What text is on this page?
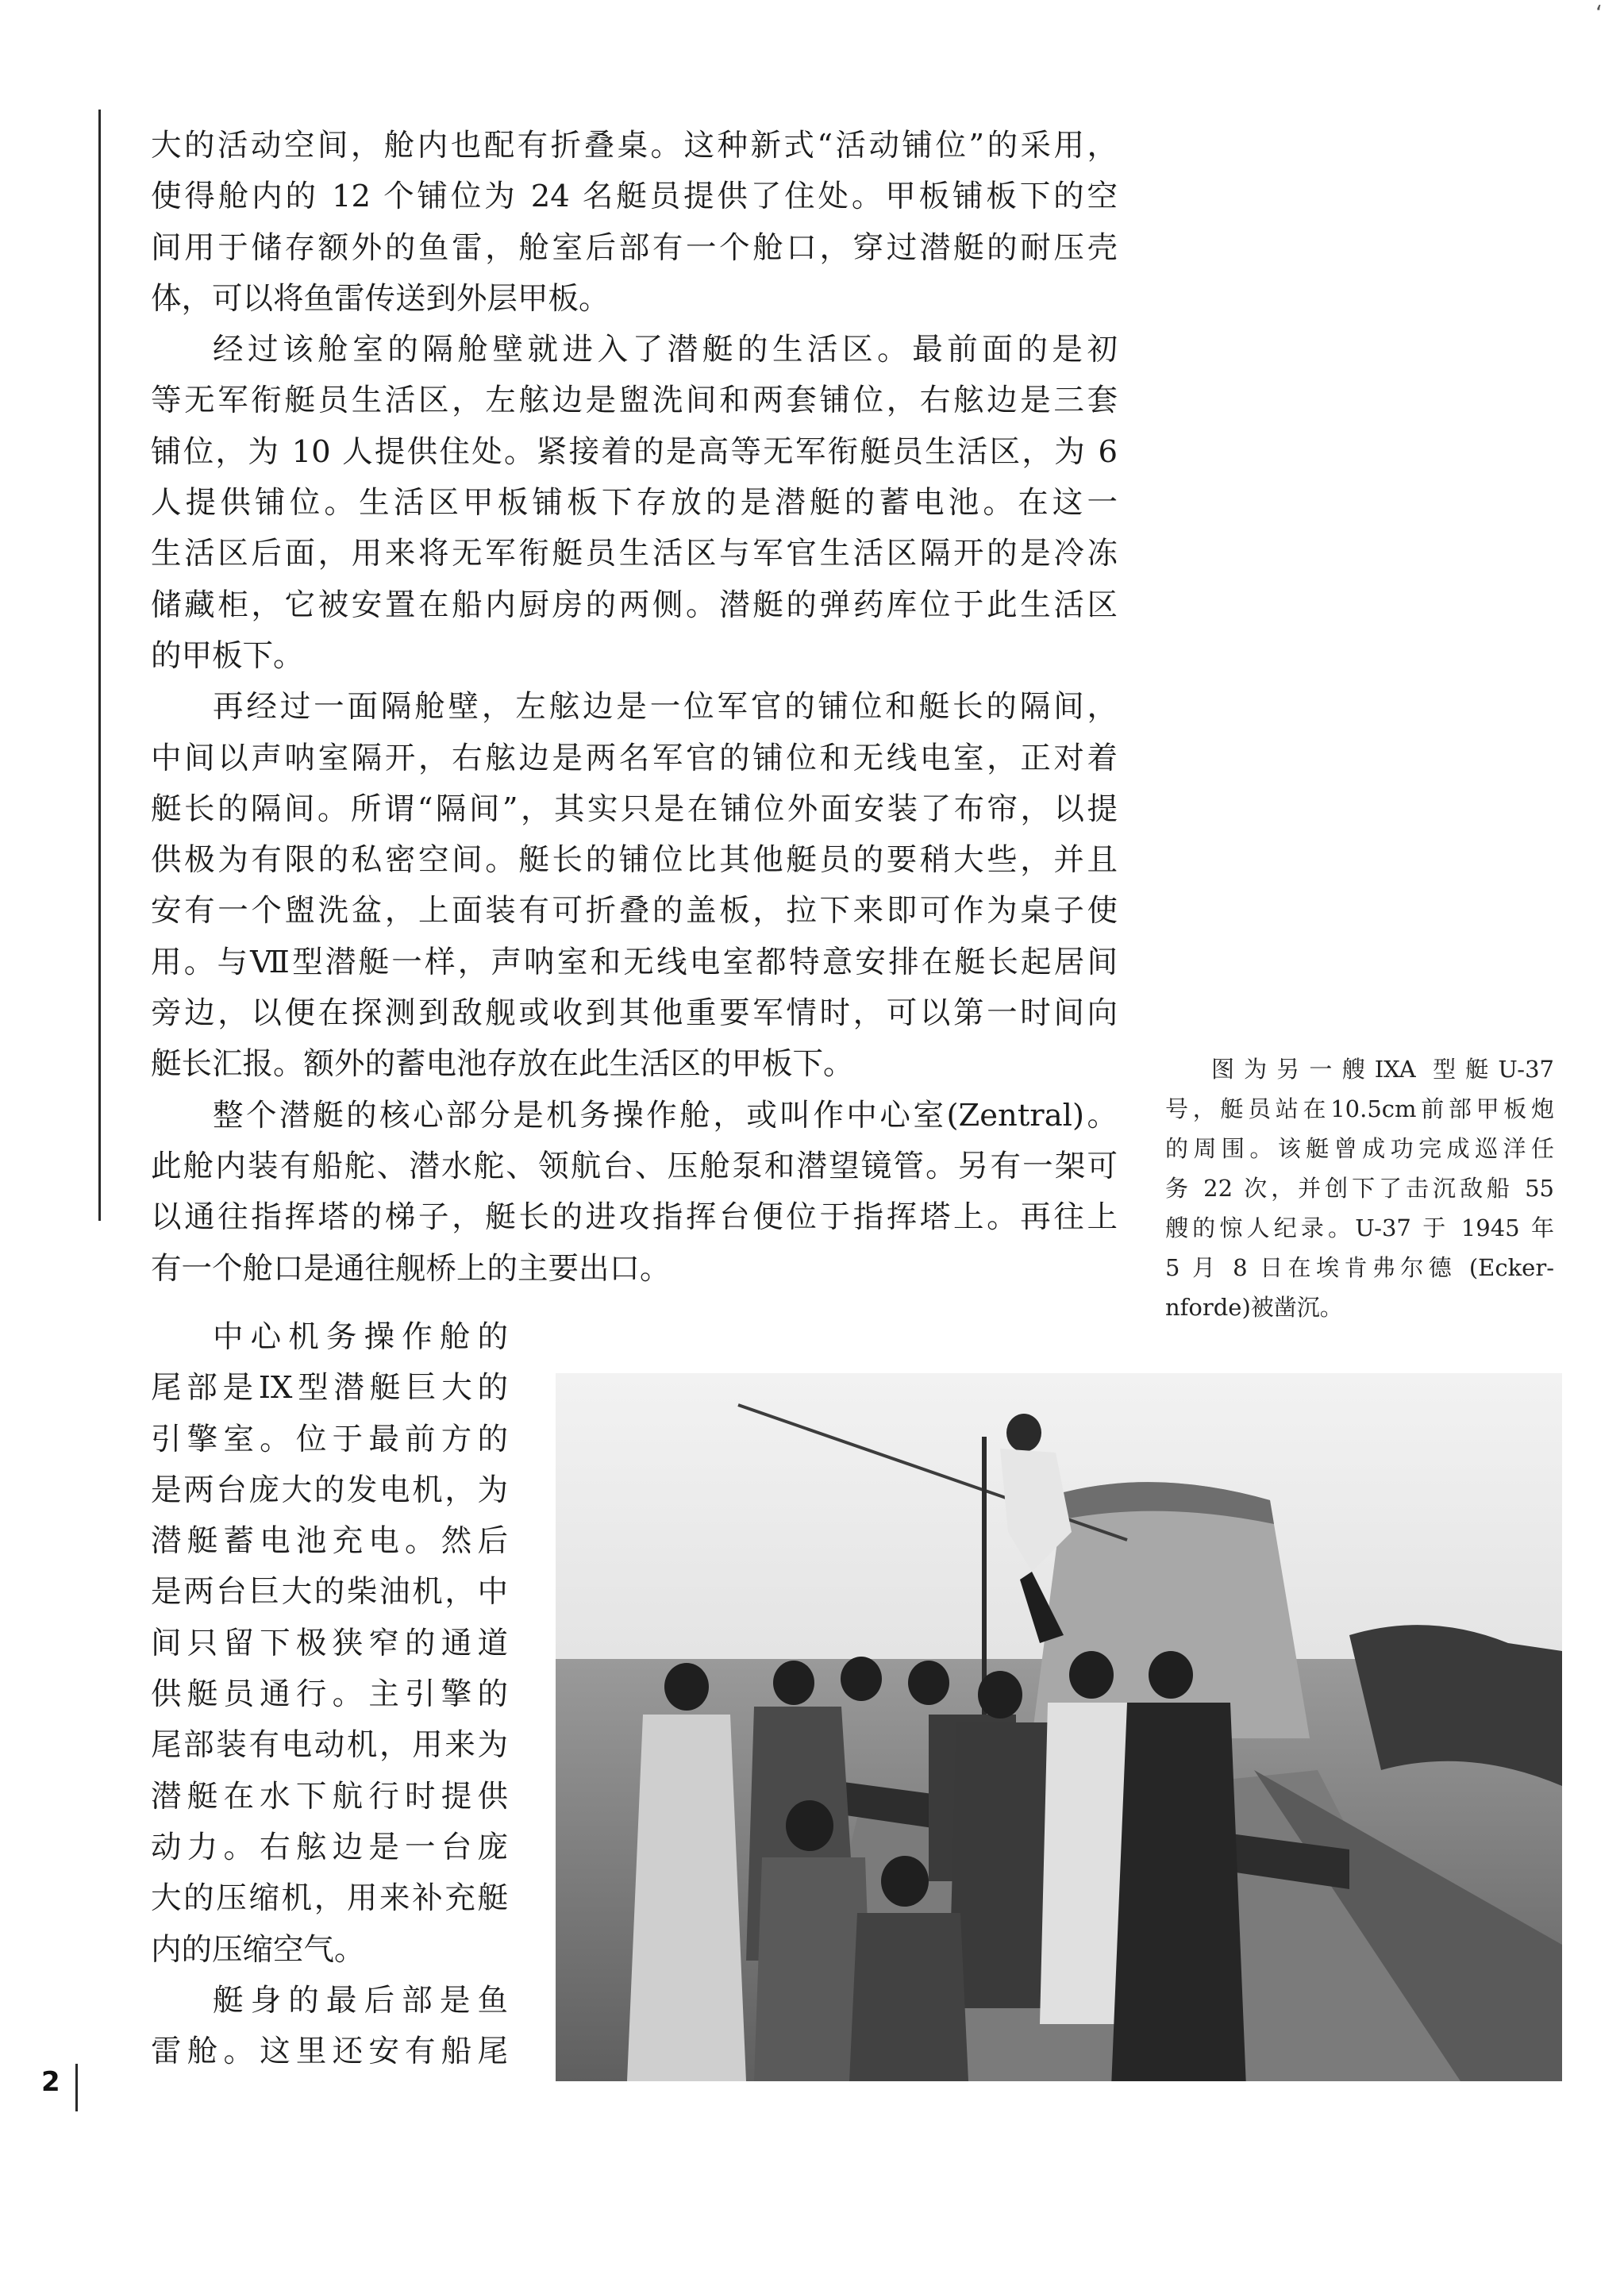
‘
大的活动空间，舱内也配有折叠桌。这种新式“活动铺位”的采用，
使得舱内的 12 个铺位为 24 名艇员提供了住处。甲板铺板下的空
间用于储存额外的鱼雷，舱室后部有一个舱口，穿过潜艇的耐压壳
体，可以将鱼雷传送到外层甲板。
经过该舱室的隔舱壁就进入了潜艇的生活区。最前面的是初
等无军衔艇员生活区，左舷边是盥洗间和两套铺位，右舷边是三套
铺位，为 10 人提供住处。紧接着的是高等无军衔艇员生活区，为 6
人提供铺位。生活区甲板铺板下存放的是潜艇的蓄电池。在这一
生活区后面，用来将无军衔艇员生活区与军官生活区隔开的是冷冻
储藏柜，它被安置在船内厨房的两侧。潜艇的弹药库位于此生活区
的甲板下。
再经过一面隔舱壁，左舷边是一位军官的铺位和艇长的隔间，
中间以声呐室隔开，右舷边是两名军官的铺位和无线电室，正对着
艇长的隔间。所谓“隔间”，其实只是在铺位外面安装了布帘，以提
供极为有限的私密空间。艇长的铺位比其他艇员的要稍大些，并且
安有一个盥洗盆，上面装有可折叠的盖板，拉下来即可作为桌子使
用。与Ⅶ型潜艇一样，声呐室和无线电室都特意安排在艇长起居间
旁边，以便在探测到敌舰或收到其他重要军情时，可以第一时间向
艇长汇报。额外的蓄电池存放在此生活区的甲板下。
整个潜艇的核心部分是机务操作舱，或叫作中心室(Zentral)。
此舱内装有船舵、潜水舵、领航台、压舱泵和潜望镜管。另有一架可
以通往指挥塔的梯子，艇长的进攻指挥台便位于指挥塔上。再往上
有一个舱口是通往舰桥上的主要出口。
中心机务操作舱的
尾部是IX型潜艇巨大的
引擎室。位于最前方的
是两台庞大的发电机，为
潜艇蓄电池充电。然后
是两台巨大的柴油机，中
间只留下极狭窄的通道
供艇员通行。主引擎的
尾部装有电动机，用来为
潜艇在水下航行时提供
动力。右舷边是一台庞
大的压缩机，用来补充艇
内的压缩空气。
艇身的最后部是鱼
雷舱。这里还安有船尾
图为另一艘IXA 型艇U-37
号，艇员站在10.5cm前部甲板炮
的周围。该艇曾成功完成巡洋任
务 22 次，并创下了击沉敌船 55
艘的惊人纪录。U-37 于 1945 年
5 月 8 日在埃肯弗尔德 (Ecker-
nforde)被凿沉。
2
